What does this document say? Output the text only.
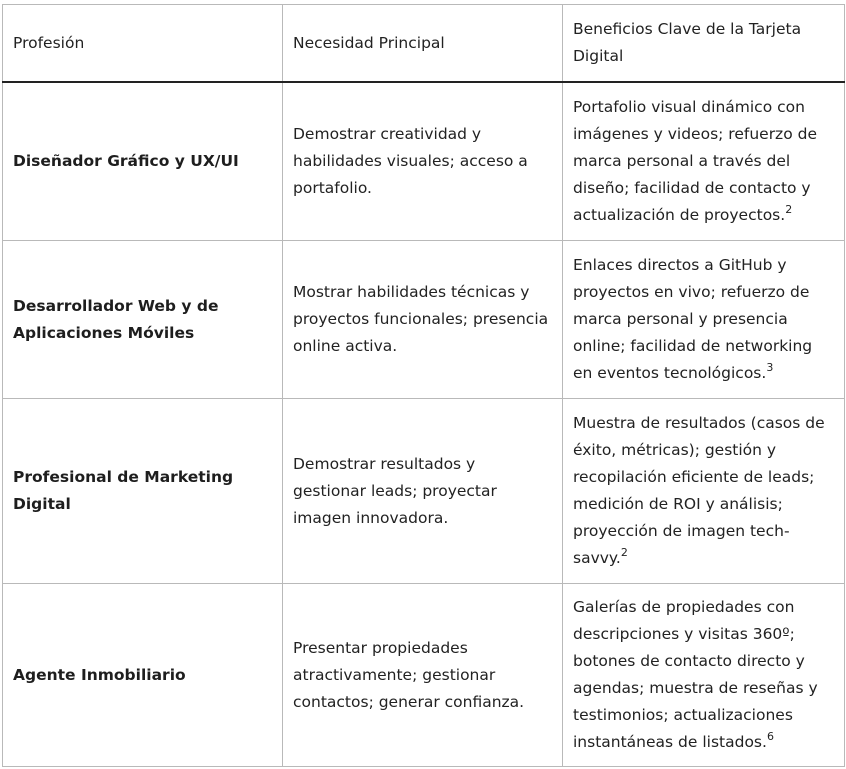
Profesión	Necesidad Principal	Beneficios Clave de la Tarjeta Digital
Diseñador Gráfico y UX/UI	Demostrar creatividad y habilidades visuales; acceso a portafolio.	Portafolio visual dinámico con imágenes y videos; refuerzo de marca personal a través del diseño; facilidad de contacto y actualización de proyectos.$^2$
Desarrollador Web y de Aplicaciones Móviles	Mostrar habilidades técnicas y proyectos funcionales; presencia online activa.	Enlaces directos a GitHub y proyectos en vivo; refuerzo de marca personal y presencia online; facilidad de networking en eventos tecnológicos.$^3$
Profesional de Marketing Digital	Demostrar resultados y gestionar leads; proyectar imagen innovadora.	Muestra de resultados (casos de éxito, métricas); gestión y recopilación eficiente de leads; medición de ROI y análisis; proyección de imagen tech-savvy.$^2$
Agente Inmobiliario	Presentar propiedades atractivamente; gestionar contactos; generar confianza.	Galerías de propiedades con descripciones y visitas 360º; botones de contacto directo y agendas; muestra de reseñas y testimonios; actualizaciones instantáneas de listados.$^6$
